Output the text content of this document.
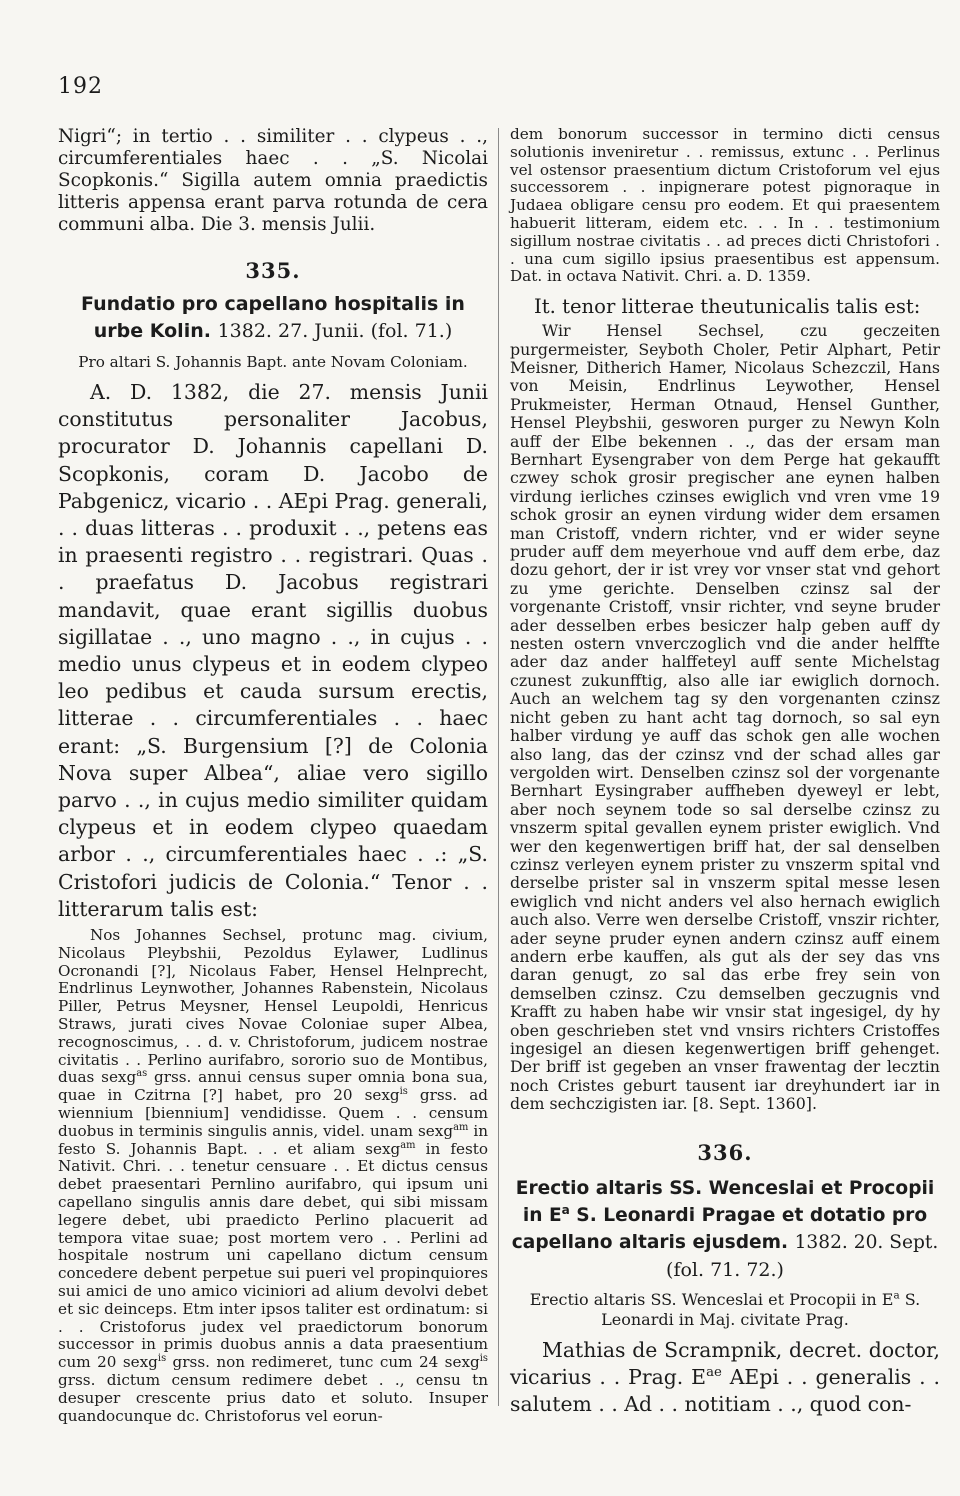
192

Nigri“; in tertio . . similiter . . clypeus . ., circumferentiales haec . . „S. Nicolai Scopkonis.“ Sigilla autem omnia praedictis litteris appensa erant parva rotunda de cera communi alba. Die 3. mensis Julii.

335.
Fundatio pro capellano hospitalis in urbe Kolin. 1382. 27. Junii. (fol. 71.)

Pro altari S. Johannis Bapt. ante Novam Coloniam.

A. D. 1382, die 27. mensis Junii constitutus personaliter Jacobus, procurator D. Johannis capellani D. Scopkonis, coram D. Jacobo de Pabgenicz, vicario . . AEpi Prag. generali, . . duas litteras . . produxit . ., petens eas in praesenti registro . . registrari. Quas . . praefatus D. Jacobus registrari mandavit, quae erant sigillis duobus sigillatae . ., uno magno . ., in cujus . . medio unus clypeus et in eodem clypeo leo pedibus et cauda sursum erectis, litterae . . circumferentiales . . haec erant: „S. Burgensium [?] de Colonia Nova super Albea“, aliae vero sigillo parvo . ., in cujus medio similiter quidam clypeus et in eodem clypeo quaedam arbor . ., circumferentiales haec . .: „S. Cristofori judicis de Colonia.“ Tenor . . litterarum talis est:

Nos Johannes Sechsel, protunc mag. civium, Nicolaus Pleybshii, Pezoldus Eylawer, Ludlinus Ocronandi [?], Nicolaus Faber, Hensel Helnprecht, Endrlinus Leynwother, Johannes Rabenstein, Nicolaus Piller, Petrus Meysner, Hensel Leupoldi, Henricus Straws, jurati cives Novae Coloniae super Albea, recognoscimus, . . d. v. Christoforum, judicem nostrae civitatis . . Perlino aurifabro, sororio suo de Montibus, duas sexg$^{as}$ grss. annui census super omnia bona sua, quae in Czitrna [?] habet, pro 20 sexg$^{is}$ grss. ad wiennium [biennium] vendidisse. Quem . . censum duobus in terminis singulis annis, videl. unam sexg$^{am}$ in festo S. Johannis Bapt. . . et aliam sexg$^{am}$ in festo Nativit. Chri. . . tenetur censuare . . Et dictus census debet praesentari Pernlino aurifabro, qui ipsum uni capellano singulis annis dare debet, qui sibi missam legere debet, ubi praedicto Perlino placuerit ad tempora vitae suae; post mortem vero . . Perlini ad hospitale nostrum uni capellano dictum censum concedere debent perpetue sui pueri vel propinquiores sui amici de uno amico viciniori ad alium devolvi debet et sic deinceps. Etm inter ipsos taliter est ordinatum: si . . Cristoforus judex vel praedictorum bonorum successor in primis duobus annis a data praesentium cum 20 sexg$^{is}$ grss. non redimeret, tunc cum 24 sexg$^{is}$ grss. dictum censum redimere debet . ., censu tn desuper crescente prius dato et soluto. Insuper quandocunque dc. Christoforus vel eorun-

dem bonorum successor in termino dicti census solutionis inveniretur . . remissus, extunc . . Perlinus vel ostensor praesentium dictum Cristoforum vel ejus successorem . . inpignerare potest pignoraque in Judaea obligare censu pro eodem. Et qui praesentem habuerit litteram, eidem etc. . . In . . testimonium sigillum nostrae civitatis . . ad preces dicti Christofori . . una cum sigillo ipsius praesentibus est appensum. Dat. in octava Nativit. Chri. a. D. 1359.

It. tenor litterae theutunicalis talis est:

Wir Hensel Sechsel, czu geczeiten purgermeister, Seyboth Choler, Petir Alphart, Petir Meisner, Ditherich Hamer, Nicolaus Schezczil, Hans von Meisin, Endrlinus Leywother, Hensel Prukmeister, Herman Otnaud, Hensel Gunther, Hensel Pleybshii, gesworen purger zu Newyn Koln auff der Elbe bekennen . ., das der ersam man Bernhart Eysengraber von dem Perge hat gekaufft czwey schok grosir pregischer ane eynen halben virdung ierliches czinses ewiglich vnd vren vme 19 schok grosir an eynen virdung wider dem ersamen man Cristoff, vndern richter, vnd er wider seyne pruder auff dem meyerhoue vnd auff dem erbe, daz dozu gehort, der ir ist vrey vor vnser stat vnd gehort zu yme gerichte. Denselben czinsz sal der vorgenante Cristoff, vnsir richter, vnd seyne bruder ader desselben erbes besiczer halp geben auff dy nesten ostern vnverczoglich vnd die ander helffte ader daz ander halffeteyl auff sente Michelstag czunest zukunfftig, also alle iar ewiglich dornoch. Auch an welchem tag sy den vorgenanten czinsz nicht geben zu hant acht tag dornoch, so sal eyn halber virdung ye auff das schok gen alle wochen also lang, das der czinsz vnd der schad alles gar vergolden wirt. Denselben czinsz sol der vorgenante Bernhart Eysingraber auffheben dyeweyl er lebt, aber noch seynem tode so sal derselbe czinsz zu vnszerm spital gevallen eynem prister ewiglich. Vnd wer den kegenwertigen briff hat, der sal denselben czinsz verleyen eynem prister zu vnszerm spital vnd derselbe prister sal in vnszerm spital messe lesen ewiglich vnd nicht anders vel also hernach ewiglich auch also. Verre wen derselbe Cristoff, vnszir richter, ader seyne pruder eynen andern czinsz auff einem andern erbe kauffen, als gut als der sey das vns daran genugt, zo sal das erbe frey sein von demselben czinsz. Czu demselben geczugnis vnd Krafft zu haben habe wir vnsir stat ingesigel, dy hy oben geschrieben stet vnd vnsirs richters Cristoffes ingesigel an diesen kegenwertigen briff gehenget. Der briff ist gegeben an vnser frawentag der lecztin noch Cristes geburt tausent iar dreyhundert iar in dem sechczigisten iar. [8. Sept. 1360].

336.
Erectio altaris SS. Wenceslai et Procopii in $E^a$ S. Leonardi Pragae et dotatio pro capellano altaris ejusdem. 1382. 20. Sept.
(fol. 71. 72.)

Erectio altaris SS. Wenceslai et Procopii in $E^a$ S. Leonardi in Maj. civitate Prag.

Mathias de Scrampnik, decret. doctor, vicarius . . Prag. $E^{ae}$ AEpi . . generalis . . salutem . . Ad . . notitiam . ., quod con-
